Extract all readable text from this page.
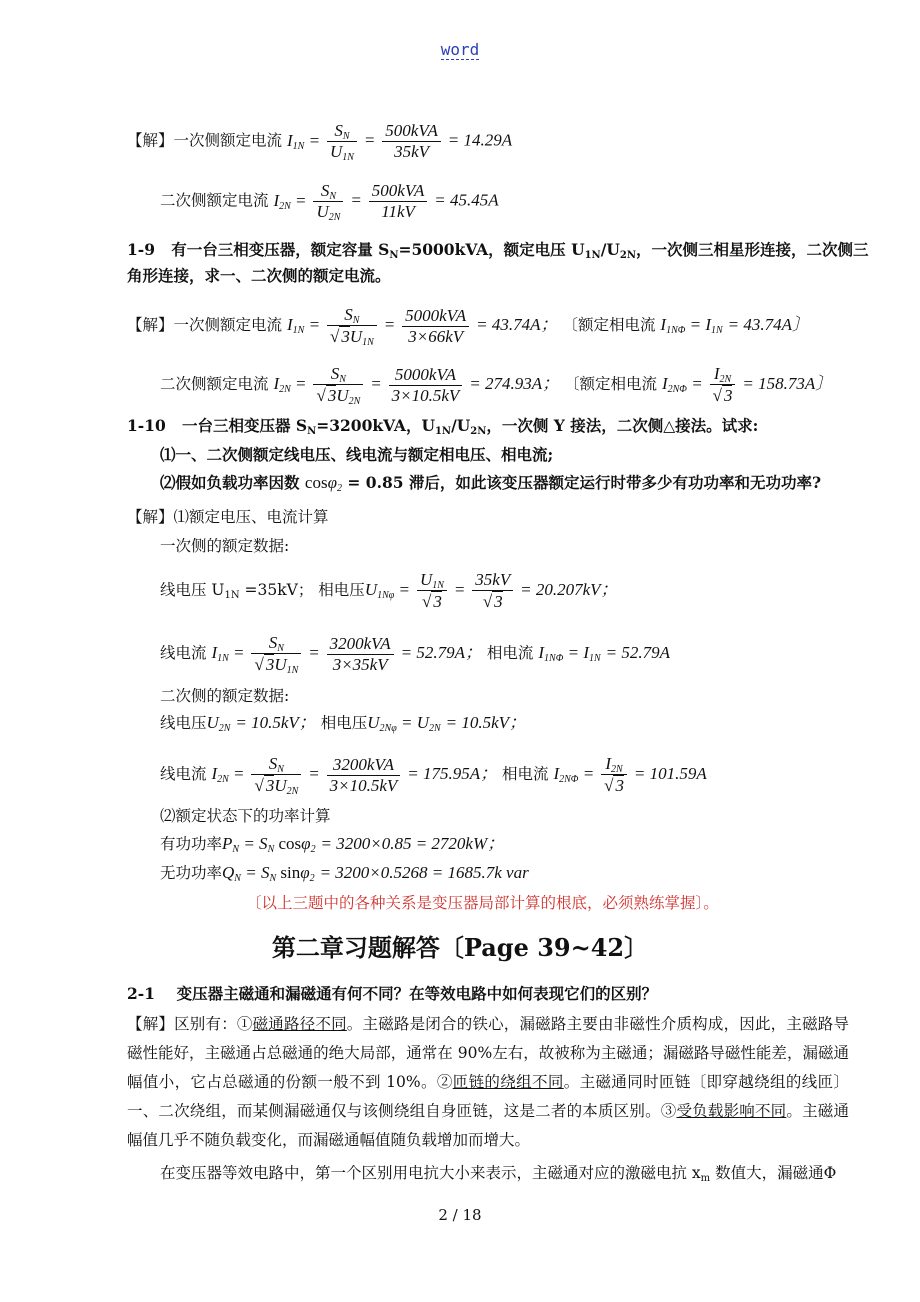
word
【解】一次侧额定电流 $I_{1N} = \frac{S_N}{U_{1N}} = \frac{\text{500kVA}}{35kV} = 14.29A$
二次侧额定电流 $I_{2N} = \frac{S_N}{U_{2N}} = \frac{\text{500kVA}}{11kV} = 45.45A$
1-9 有一台三相变压器，额定容量 $S_N=5000kVA$，额定电压 $U_{1N}/U_{2N}$，一次侧三相星形连接，二次侧三
角形连接，求一、二次侧的额定电流。
【解】一次侧额定电流 $I_{1N} = \frac{S_N}{√ 3U_{1N}} = \frac{\text{5000kVA}}{3\times 66kV} = 43.74A$； 〔额定相电流 $I_{1N\Phi} = I_{1N} = 43.74A$〕
二次侧额定电流 $I_{2N} = \frac{S_N}{√ 3U_{2N}} = \frac{\text{5000kVA}}{3\times 10.5kV} = 274.93A$； 〔额定相电流 $I_{2N\Phi} = \frac{I_{2N}}{√ 3} = 158.73A$〕
1-10 一台三相变压器 $S_N=3200kVA$，$U_{1N}/U_{2N}$，一次侧 Y 接法，二次侧△接法。试求:
⑴一、二次侧额定线电压、线电流与额定相电压、相电流;
⑵假如负载功率因数 cosφ$_2$ = 0.85 滞后，如此该变压器额定运行时带多少有功功率和无功功率?
【解】⑴额定电压、电流计算
一次侧的额定数据:
线电压 $U_{1N} =35kV$； 相电压$U_{1N\varphi} = \frac{U_{1N}}{√ 3} = \frac{35kV}{√ 3} = 20.207kV$；
线电流 $I_{1N} = \frac{S_N}{√ 3U_{1N}} = \frac{\text{3200kVA}}{3\times 35kV} = 52.79A$； 相电流 $I_{1N\Phi} = I_{1N} = 52.79A$
二次侧的额定数据:
线电压$U_{2N} = 10.5kV$； 相电压$U_{2N\varphi} = U_{2N} = 10.5kV$；
线电流 $I_{2N} = \frac{S_N}{√ 3U_{2N}} = \frac{\text{3200kVA}}{3\times 10.5kV} = 175.95A$； 相电流 $I_{2N\Phi} = \frac{I_{2N}}{√ 3} = 101.59A$
⑵额定状态下的功率计算
有功功率$P_N = S_N$ cosφ$_2$ = 3200×0.85 = 2720kW；
无功功率$Q_N = S_N$ sinφ$_2$ = 3200×0.5268 = 1685.7k var
〔以上三题中的各种关系是变压器局部计算的根底，必须熟练掌握〕。
第二章习题解答〔Page 39~42〕
2-1 变压器主磁通和漏磁通有何不同？在等效电路中如何表现它们的区别？
【解】区别有：①磁通路径不同。主磁路是闭合的铁心，漏磁路主要由非磁性介质构成，因此，主磁路导磁性能好，主磁通占总磁通的绝大局部，通常在 90%左右，故被称为主磁通；漏磁路导磁性能差，漏磁通幅值小，它占总磁通的份额一般不到 10%。②匝链的绕组不同。主磁通同时匝链〔即穿越绕组的线匝〕一、二次绕组，而某侧漏磁通仅与该侧绕组自身匝链，这是二者的本质区别。③受负载影响不同。主磁通幅值几乎不随负载变化，而漏磁通幅值随负载增加而增大。
在变压器等效电路中，第一个区别用电抗大小来表示，主磁通对应的激磁电抗 $x_m$ 数值大，漏磁通Φ
2 / 18
